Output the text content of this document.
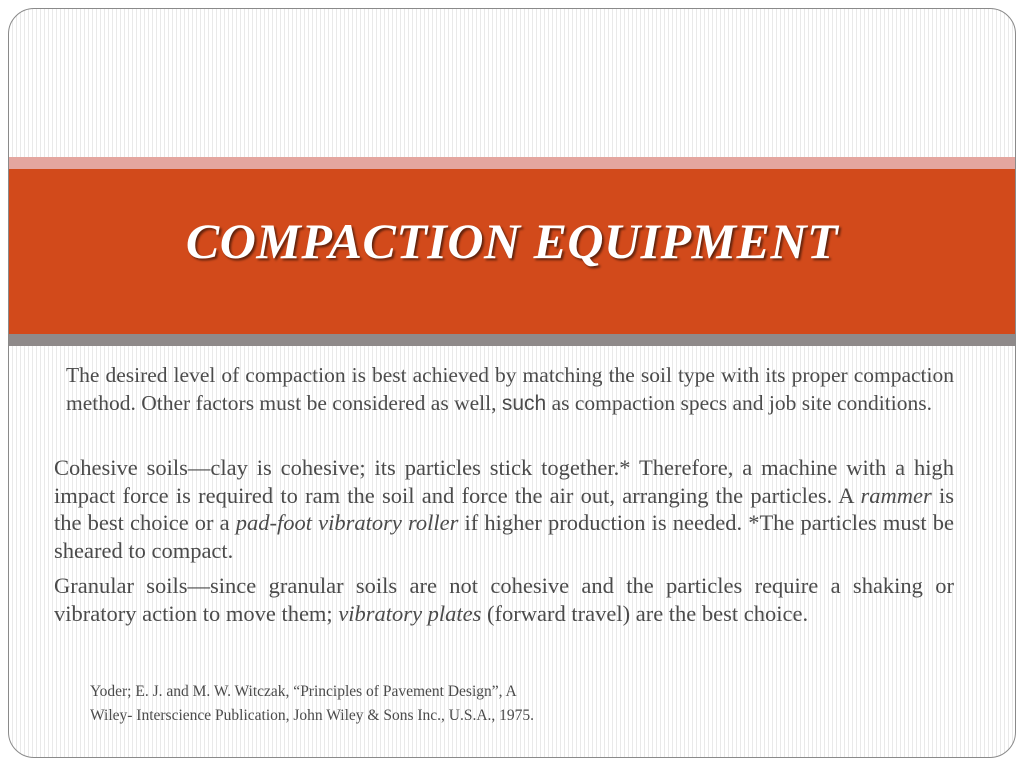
COMPACTION EQUIPMENT

The desired level of compaction is best achieved by matching the soil type with its proper compaction method. Other factors must be considered as well, such as compaction specs and job site conditions.

Cohesive soils—clay is cohesive; its particles stick together.* Therefore, a machine with a high impact force is required to ram the soil and force the air out, arranging the particles. A rammer is the best choice or a pad-foot vibratory roller if higher production is needed. *The particles must be sheared to compact.

Granular soils—since granular soils are not cohesive and the particles require a shaking or vibratory action to move them; vibratory plates (forward travel) are the best choice.

Yoder; E. J. and M. W. Witczak, “Principles of Pavement Design”, A
Wiley- Interscience Publication, John Wiley & Sons Inc., U.S.A., 1975.
